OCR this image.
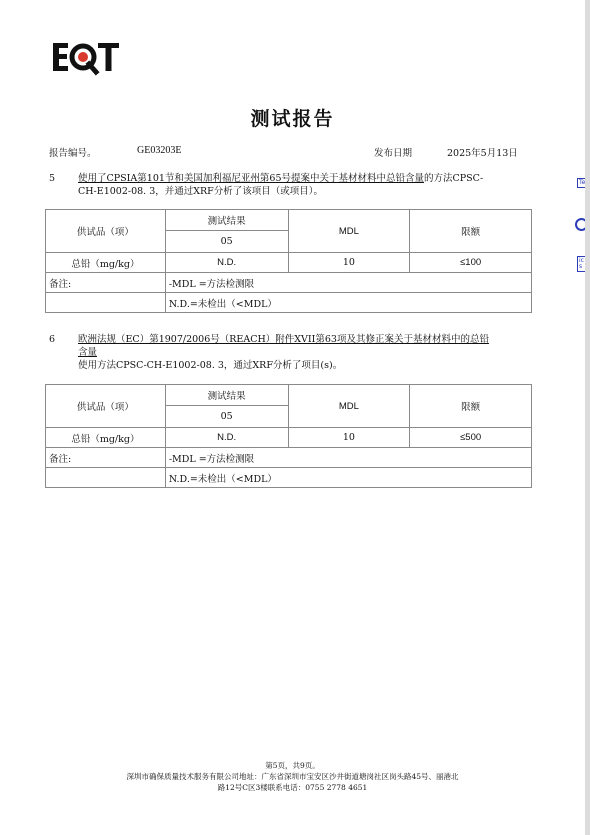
测试报告
报告编号。	GE03203E	发布日期	2025年5月13日
5 使用了CPSIA第101节和美国加利福尼亚州第65号提案中关于基材材料中总铅含量的方法CPSC-
CH-E1002-08. 3，并通过XRF分析了该项目（或项目）。
供试品（项）	测试结果	MDL	限额
	05		
总铅（mg/kg）	N.D.	10	≤100
备注:	-MDL =方法检测限		
	N.D.=未检出（<MDL）		
6 欧洲法规（EC）第1907/2006号（REACH）附件XVII第63项及其修正案关于基材材料中的总铅
含量
使用方法CPSC-CH-E1002-08. 3，通过XRF分析了项目(s)。
供试品（项）	测试结果	MDL	限额
	05		
总铅（mg/kg）	N.D.	10	≤500
备注:	-MDL =方法检测限		
	N.D.=未检出（<MDL）		
第5页，共9页。
深圳市确保质量技术服务有限公司地址：广东省深圳市宝安区沙井街道塘岗社区岗头路45号、丽港北
路12号C区3楼联系电话：0755 2778 4651
Te
ic s
